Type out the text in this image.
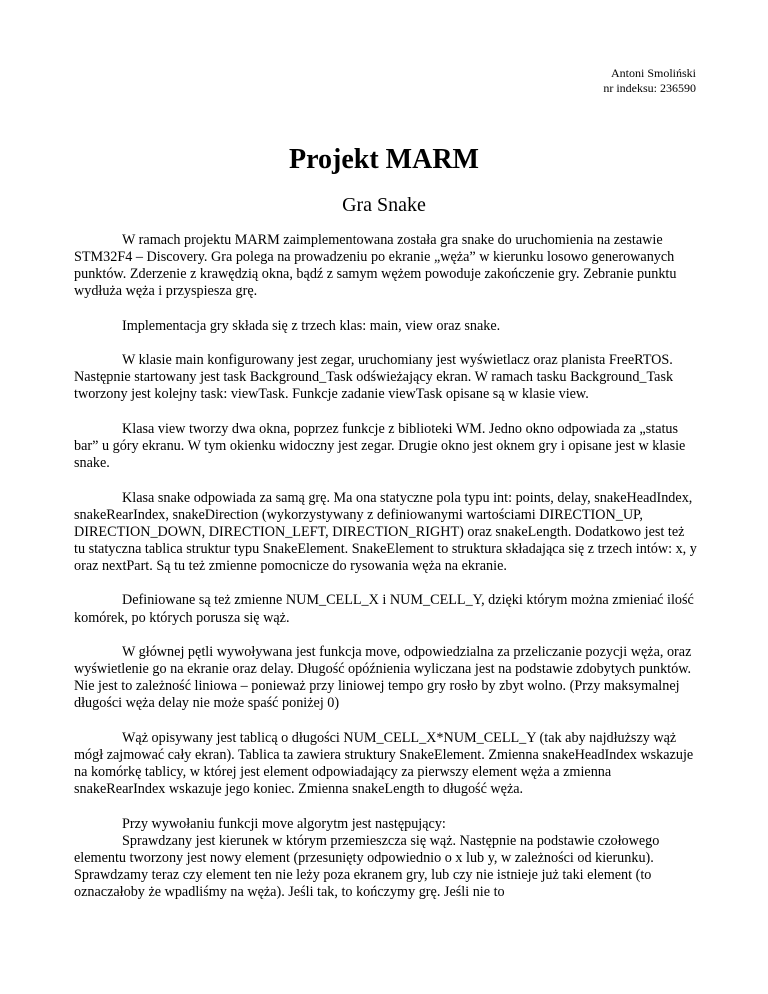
Antoni Smoliński
nr indeksu: 236590
Projekt MARM
Gra Snake

W ramach projektu MARM zaimplementowana została gra snake do uruchomienia na zestawie STM32F4 – Discovery. Gra polega na prowadzeniu po ekranie „węża” w kierunku losowo generowanych punktów. Zderzenie z krawędzią okna, bądź z samym wężem powoduje zakończenie gry. Zebranie punktu wydłuża węża i przyspiesza grę.

Implementacja gry składa się z trzech klas: main, view oraz snake.

W klasie main konfigurowany jest zegar, uruchomiany jest wyświetlacz oraz planista FreeRTOS. Następnie startowany jest task Background_Task odświeżający ekran. W ramach tasku Background_Task tworzony jest kolejny task: viewTask. Funkcje zadanie viewTask opisane są w klasie view.

Klasa view tworzy dwa okna, poprzez funkcje z biblioteki WM. Jedno okno odpowiada za „status bar” u góry ekranu. W tym okienku widoczny jest zegar. Drugie okno jest oknem gry i opisane jest w klasie snake.

Klasa snake odpowiada za samą grę. Ma ona statyczne pola typu int: points, delay, snakeHeadIndex, snakeRearIndex, snakeDirection (wykorzystywany z definiowanymi wartościami DIRECTION_UP, DIRECTION_DOWN, DIRECTION_LEFT, DIRECTION_RIGHT) oraz snakeLength. Dodatkowo jest też tu statyczna tablica struktur typu SnakeElement. SnakeElement to struktura składająca się z trzech intów: x, y oraz nextPart. Są tu też zmienne pomocnicze do rysowania węża na ekranie.

Definiowane są też zmienne NUM_CELL_X i NUM_CELL_Y, dzięki którym można zmieniać ilość komórek, po których porusza się wąż.

W głównej pętli wywoływana jest funkcja move, odpowiedzialna za przeliczanie pozycji węża, oraz wyświetlenie go na ekranie oraz delay. Długość opóźnienia wyliczana jest na podstawie zdobytych punktów. Nie jest to zależność liniowa – ponieważ przy liniowej tempo gry rosło by zbyt wolno. (Przy maksymalnej długości węża delay nie może spaść poniżej 0)

Wąż opisywany jest tablicą o długości NUM_CELL_X*NUM_CELL_Y (tak aby najdłuższy wąż mógł zajmować cały ekran). Tablica ta zawiera struktury SnakeElement. Zmienna snakeHeadIndex wskazuje na komórkę tablicy, w której jest element odpowiadający za pierwszy element węża a zmienna snakeRearIndex wskazuje jego koniec. Zmienna snakeLength to długość węża.

Przy wywołaniu funkcji move algorytm jest następujący:

Sprawdzany jest kierunek w którym przemieszcza się wąż. Następnie na podstawie czołowego elementu tworzony jest nowy element (przesunięty odpowiednio o x lub y, w zależności od kierunku). Sprawdzamy teraz czy element ten nie leży poza ekranem gry, lub czy nie istnieje już taki element (to oznaczałoby że wpadliśmy na węża). Jeśli tak, to kończymy grę. Jeśli nie to
